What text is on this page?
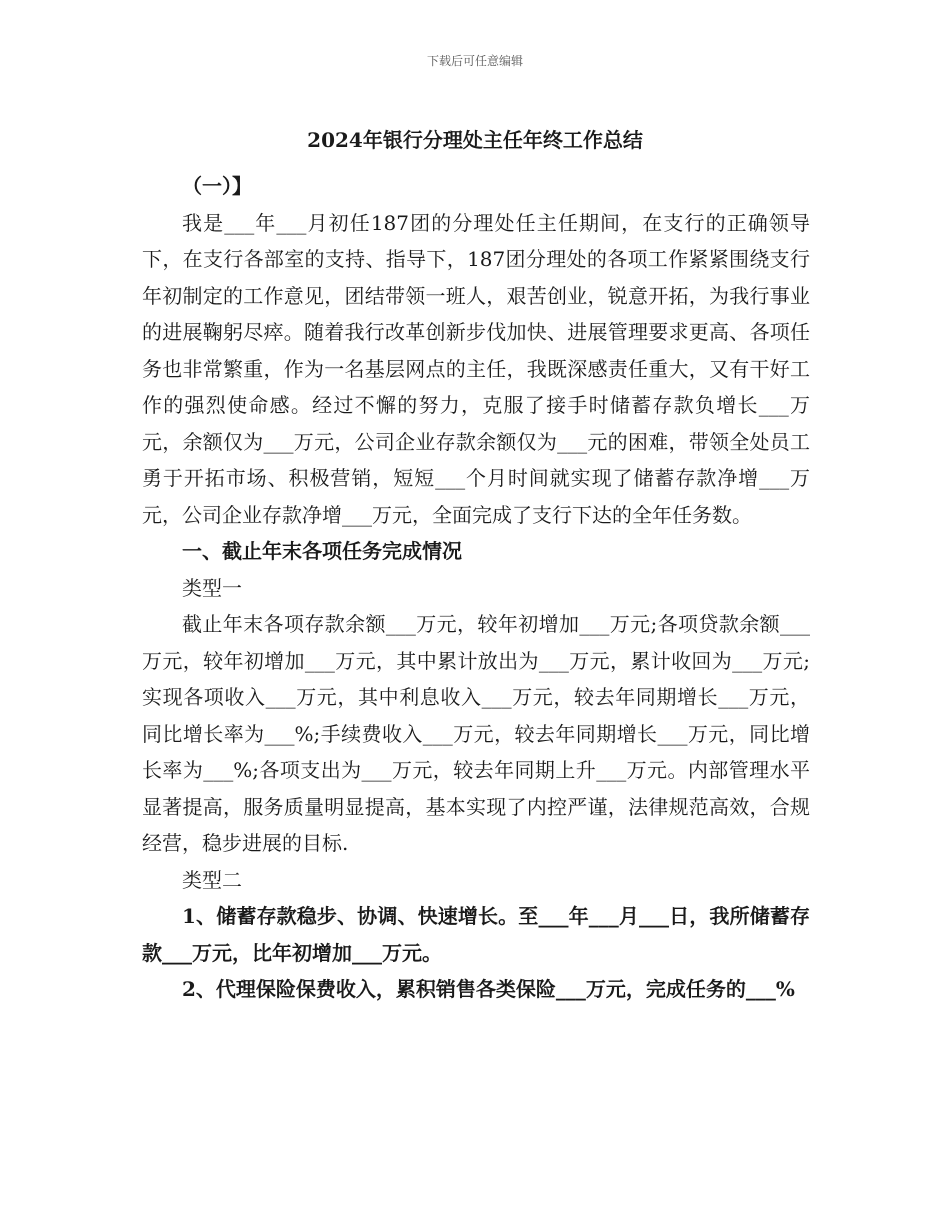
下载后可任意编辑
2024年银行分理处主任年终工作总结

（一）】

我是___年___月初任187团的分理处任主任期间，在支行的正确领导下，在支行各部室的支持、指导下，187团分理处的各项工作紧紧围绕支行年初制定的工作意见，团结带领一班人，艰苦创业，锐意开拓，为我行事业的进展鞠躬尽瘁。随着我行改革创新步伐加快、进展管理要求更高、各项任务也非常繁重，作为一名基层网点的主任，我既深感责任重大，又有干好工作的强烈使命感。经过不懈的努力，克服了接手时储蓄存款负增长___万元，余额仅为___万元，公司企业存款余额仅为___元的困难，带领全处员工勇于开拓市场、积极营销，短短___个月时间就实现了储蓄存款净增___万元，公司企业存款净增___万元，全面完成了支行下达的全年任务数。

一、截止年末各项任务完成情况

类型一

截止年末各项存款余额___万元，较年初增加___万元;各项贷款余额___万元，较年初增加___万元，其中累计放出为___万元，累计收回为___万元;实现各项收入___万元，其中利息收入___万元，较去年同期增长___万元，同比增长率为___%;手续费收入___万元，较去年同期增长___万元，同比增长率为___%;各项支出为___万元，较去年同期上升___万元。内部管理水平显著提高，服务质量明显提高，基本实现了内控严谨，法律规范高效，合规经营，稳步进展的目标.

类型二

1、储蓄存款稳步、协调、快速增长。至___年___月___日，我所储蓄存款___万元，比年初增加___万元。

2、代理保险保费收入，累积销售各类保险___万元，完成任务的___%
